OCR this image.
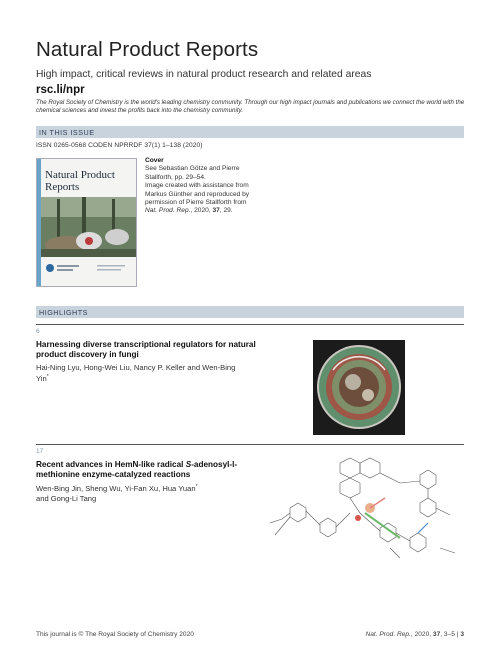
Natural Product Reports
High impact, critical reviews in natural product research and related areas
rsc.li/npr
The Royal Society of Chemistry is the world's leading chemistry community. Through our high impact journals and publications we connect the world with the chemical sciences and invest the profits back into the chemistry community.
IN THIS ISSUE
ISSN 0265-0568 CODEN NPRRDF 37(1) 1–138 (2020)
Natural Product
Reports
Cover
See Sebastian Götze and Pierre Stallforth, pp. 29–54.
Image created with assistance from Markus Günther and reproduced by permission of Pierre Stallforth from
Nat. Prod. Rep., 2020, 37, 29.
HIGHLIGHTS
6
Harnessing diverse transcriptional regulators for natural product discovery in fungi
Hai-Ning Lyu, Hong-Wei Liu, Nancy P. Keller and Wen-Bing Yin*
17
Recent advances in HemN-like radical S-adenosyl-l-methionine enzyme-catalyzed reactions
Wen-Bing Jin, Sheng Wu, Yi-Fan Xu, Hua Yuan*
and Gong-Li Tang
This journal is © The Royal Society of Chemistry 2020	Nat. Prod. Rep., 2020, 37, 3–5 | 3
